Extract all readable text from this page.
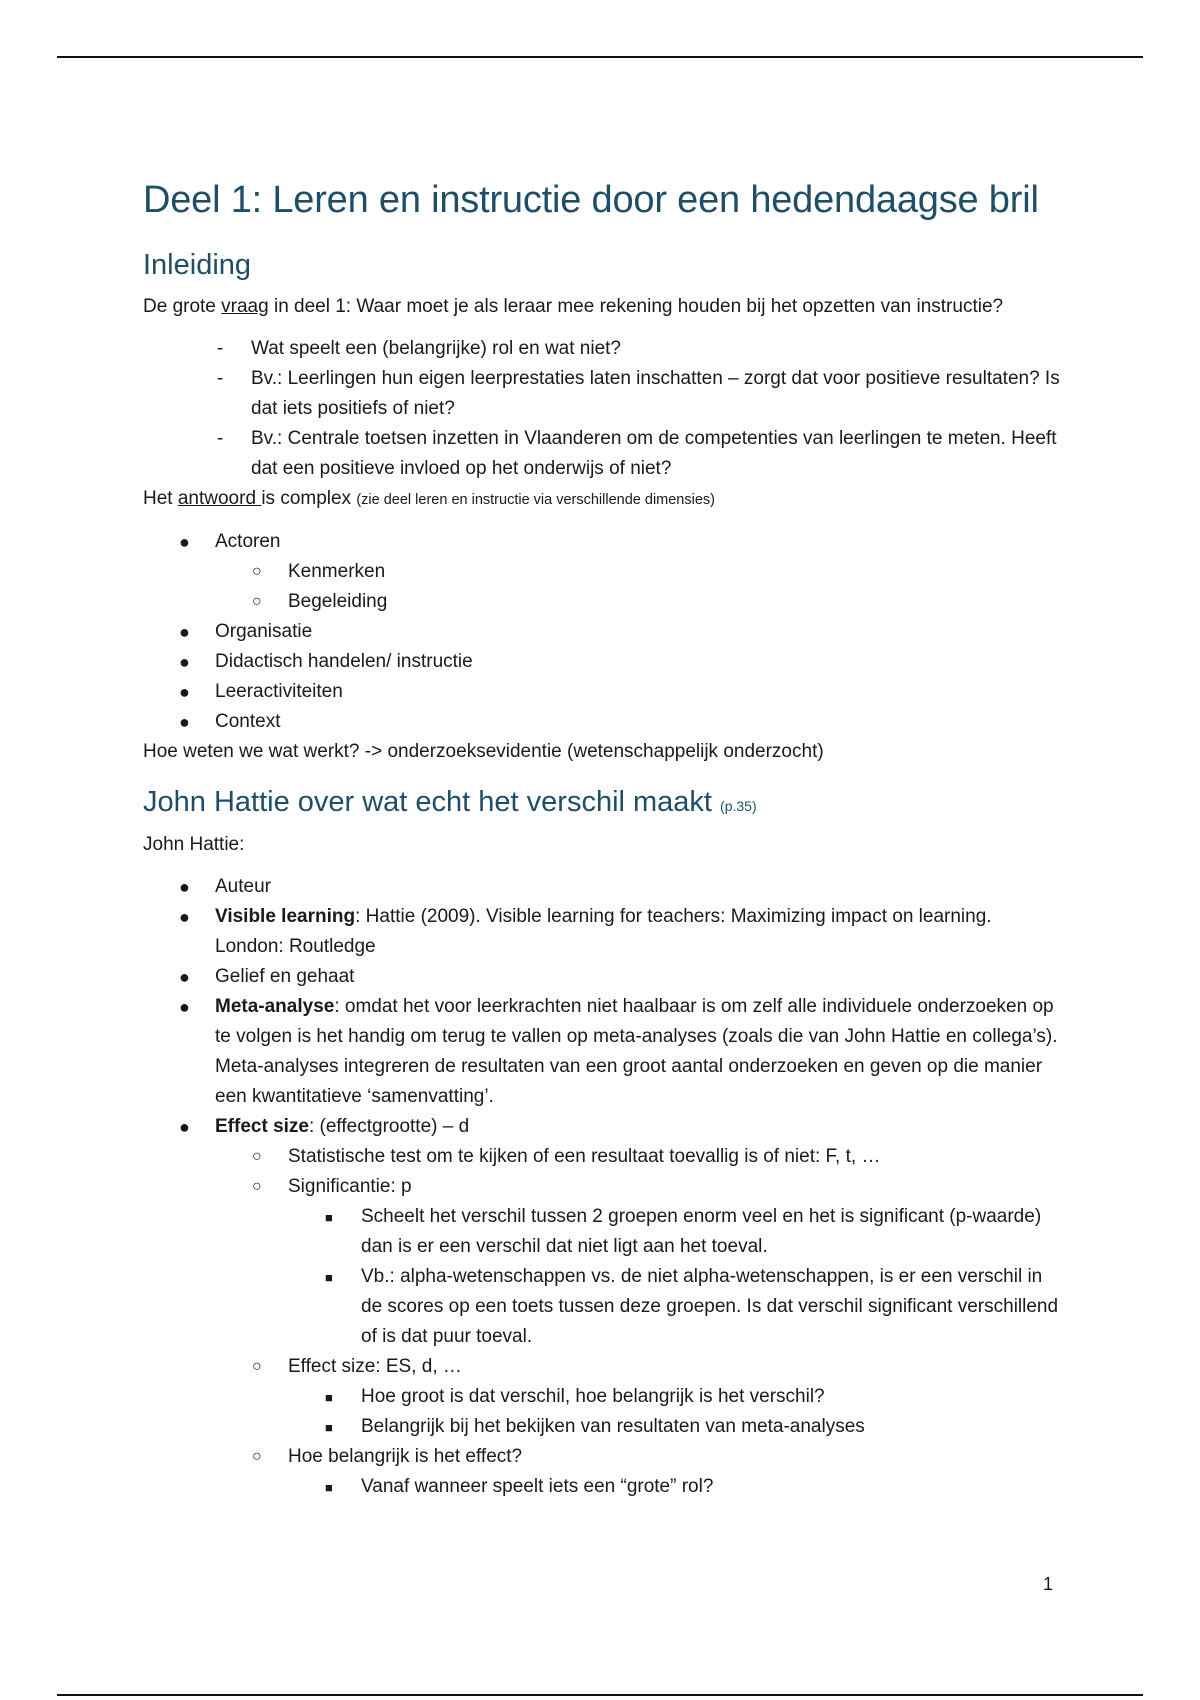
Deel 1: Leren en instructie door een hedendaagse bril
Inleiding

De grote vraag in deel 1: Waar moet je als leraar mee rekening houden bij het opzetten van instructie?

- Wat speelt een (belangrijke) rol en wat niet?
- Bv.: Leerlingen hun eigen leerprestaties laten inschatten – zorgt dat voor positieve resultaten? Is dat iets positiefs of niet?
- Bv.: Centrale toetsen inzetten in Vlaanderen om de competenties van leerlingen te meten. Heeft dat een positieve invloed op het onderwijs of niet?

Het antwoord is complex (zie deel leren en instructie via verschillende dimensies)

● Actoren
○ Kenmerken
○ Begeleiding
● Organisatie
● Didactisch handelen/ instructie
● Leeractiviteiten
● Context

Hoe weten we wat werkt? -> onderzoeksevidentie (wetenschappelijk onderzocht)

John Hattie over wat echt het verschil maakt (p.35)

John Hattie:

● Auteur
● Visible learning: Hattie (2009). Visible learning for teachers: Maximizing impact on learning. London: Routledge
● Gelief en gehaat
● Meta-analyse: omdat het voor leerkrachten niet haalbaar is om zelf alle individuele onderzoeken op te volgen is het handig om terug te vallen op meta-analyses (zoals die van John Hattie en collega’s). Meta-analyses integreren de resultaten van een groot aantal onderzoeken en geven op die manier een kwantitatieve ‘samenvatting’.
● Effect size: (effectgrootte) – d
○ Statistische test om te kijken of een resultaat toevallig is of niet: F, t, …
○ Significantie: p
■ Scheelt het verschil tussen 2 groepen enorm veel en het is significant (p-waarde) dan is er een verschil dat niet ligt aan het toeval.
■ Vb.: alpha-wetenschappen vs. de niet alpha-wetenschappen, is er een verschil in de scores op een toets tussen deze groepen. Is dat verschil significant verschillend of is dat puur toeval.
○ Effect size: ES, d, …
■ Hoe groot is dat verschil, hoe belangrijk is het verschil?
■ Belangrijk bij het bekijken van resultaten van meta-analyses
○ Hoe belangrijk is het effect?
■ Vanaf wanneer speelt iets een “grote” rol?
1
